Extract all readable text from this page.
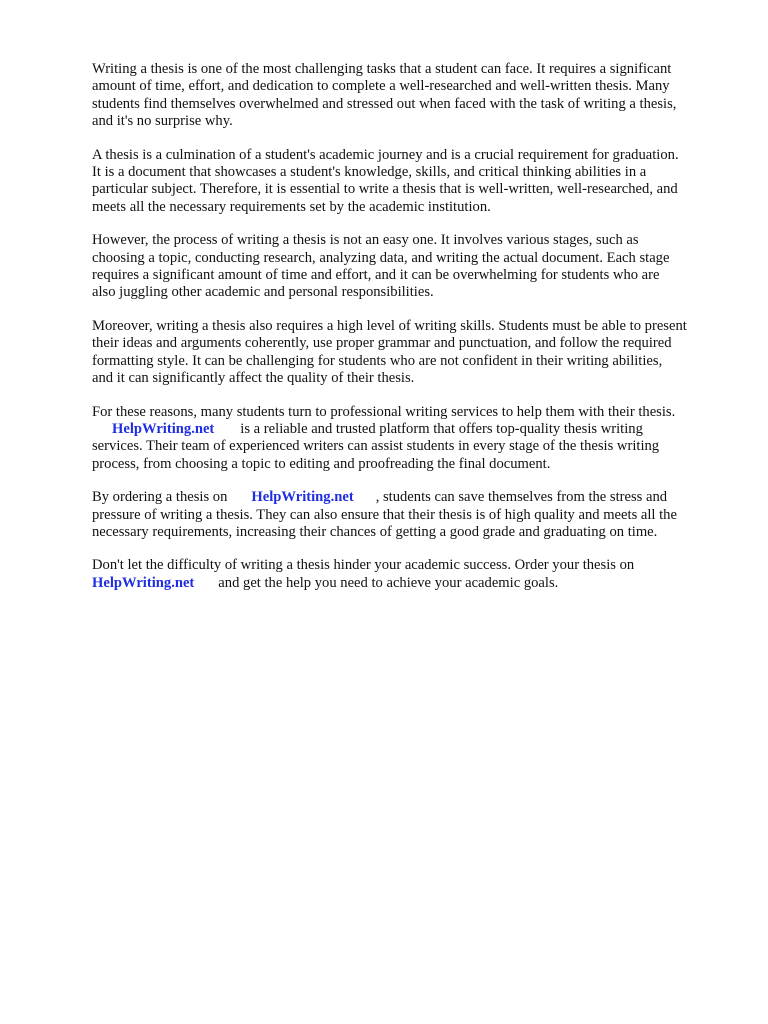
Writing a thesis is one of the most challenging tasks that a student can face. It requires a significant
amount of time, effort, and dedication to complete a well-researched and well-written thesis. Many
students find themselves overwhelmed and stressed out when faced with the task of writing a thesis,
and it's no surprise why.

A thesis is a culmination of a student's academic journey and is a crucial requirement for graduation.
It is a document that showcases a student's knowledge, skills, and critical thinking abilities in a
particular subject. Therefore, it is essential to write a thesis that is well-written, well-researched, and
meets all the necessary requirements set by the academic institution.

However, the process of writing a thesis is not an easy one. It involves various stages, such as
choosing a topic, conducting research, analyzing data, and writing the actual document. Each stage
requires a significant amount of time and effort, and it can be overwhelming for students who are
also juggling other academic and personal responsibilities.

Moreover, writing a thesis also requires a high level of writing skills. Students must be able to present
their ideas and arguments coherently, use proper grammar and punctuation, and follow the required
formatting style. It can be challenging for students who are not confident in their writing abilities,
and it can significantly affect the quality of their thesis.

For these reasons, many students turn to professional writing services to help them with their thesis.
HelpWriting.net is a reliable and trusted platform that offers top-quality thesis writing
services. Their team of experienced writers can assist students in every stage of the thesis writing
process, from choosing a topic to editing and proofreading the final document.
By ordering a thesis on HelpWriting.net , students can save themselves from the stress and
pressure of writing a thesis. They can also ensure that their thesis is of high quality and meets all the
necessary requirements, increasing their chances of getting a good grade and graduating on time.
Don't let the difficulty of writing a thesis hinder your academic success. Order your thesis on
HelpWriting.net and get the help you need to achieve your academic goals.
